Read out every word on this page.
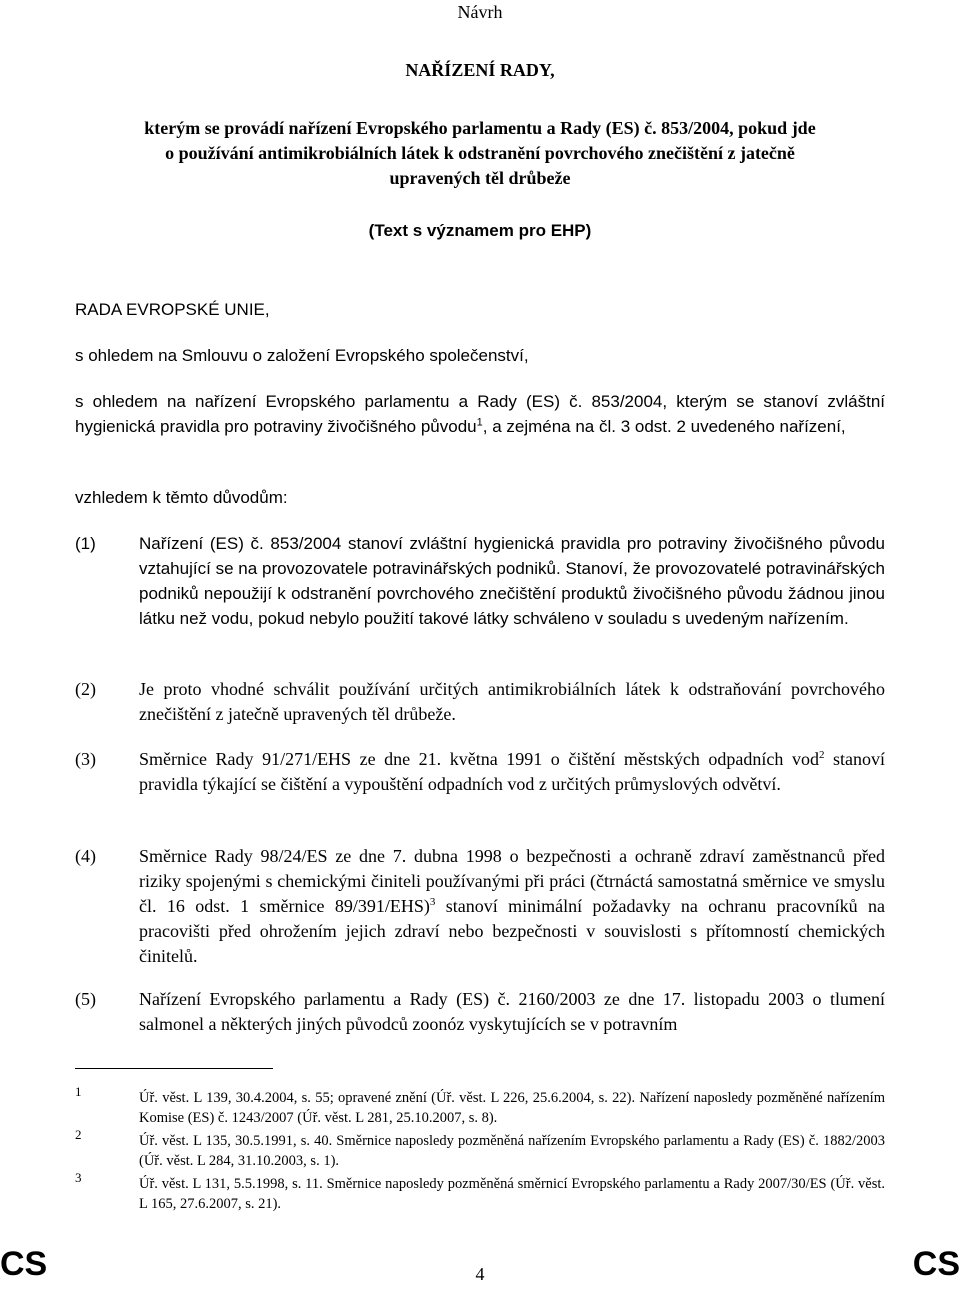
Návrh
NAŘÍZENÍ RADY,
kterým se provádí nařízení Evropského parlamentu a Rady (ES) č. 853/2004, pokud jde
o používání antimikrobiálních látek k odstranění povrchového znečištění z jatečně
upravených těl drůbeže
(Text s významem pro EHP)
RADA EVROPSKÉ UNIE,
s ohledem na Smlouvu o založení Evropského společenství,
s ohledem na nařízení Evropského parlamentu a Rady (ES) č. 853/2004, kterým se stanoví zvláštní hygienická pravidla pro potraviny živočišného původu$^1$, a zejména na čl. 3 odst. 2 uvedeného nařízení,
vzhledem k těmto důvodům:
(1)	Nařízení (ES) č. 853/2004 stanoví zvláštní hygienická pravidla pro potraviny živočišného původu vztahující se na provozovatele potravinářských podniků. Stanoví, že provozovatelé potravinářských podniků nepoužijí k odstranění povrchového znečištění produktů živočišného původu žádnou jinou látku než vodu, pokud nebylo použití takové látky schváleno v souladu s uvedeným nařízením.
(2) Je proto vhodné schválit používání určitých antimikrobiálních látek k odstraňování povrchového znečištění z jatečně upravených těl drůbeže.
(3) Směrnice Rady 91/271/EHS ze dne 21. května 1991 o čištění městských odpadních vod$^2$ stanoví pravidla týkající se čištění a vypouštění odpadních vod z určitých průmyslových odvětví.
(4) Směrnice Rady 98/24/ES ze dne 7. dubna 1998 o bezpečnosti a ochraně zdraví zaměstnanců před riziky spojenými s chemickými činiteli používanými při práci (čtrnáctá samostatná směrnice ve smyslu čl. 16 odst. 1 směrnice 89/391/EHS)$^3$ stanoví minimální požadavky na ochranu pracovníků na pracovišti před ohrožením jejich zdraví nebo bezpečnosti v souvislosti s přítomností chemických činitelů.
(5) Nařízení Evropského parlamentu a Rady (ES) č. 2160/2003 ze dne 17. listopadu 2003 o tlumení salmonel a některých jiných původců zoonóz vyskytujících se v potravním
1	Úř. věst. L 139, 30.4.2004, s. 55; opravené znění (Úř. věst. L 226, 25.6.2004, s. 22). Nařízení naposledy pozměněné nařízením Komise (ES) č. 1243/2007 (Úř. věst. L 281, 25.10.2007, s. 8).
2	Úř. věst. L 135, 30.5.1991, s. 40. Směrnice naposledy pozměněná nařízením Evropského parlamentu a Rady (ES) č. 1882/2003 (Úř. věst. L 284, 31.10.2003, s. 1).
3	Úř. věst. L 131, 5.5.1998, s. 11. Směrnice naposledy pozměněná směrnicí Evropského parlamentu a Rady 2007/30/ES (Úř. věst. L 165, 27.6.2007, s. 21).
CS	4	CS
